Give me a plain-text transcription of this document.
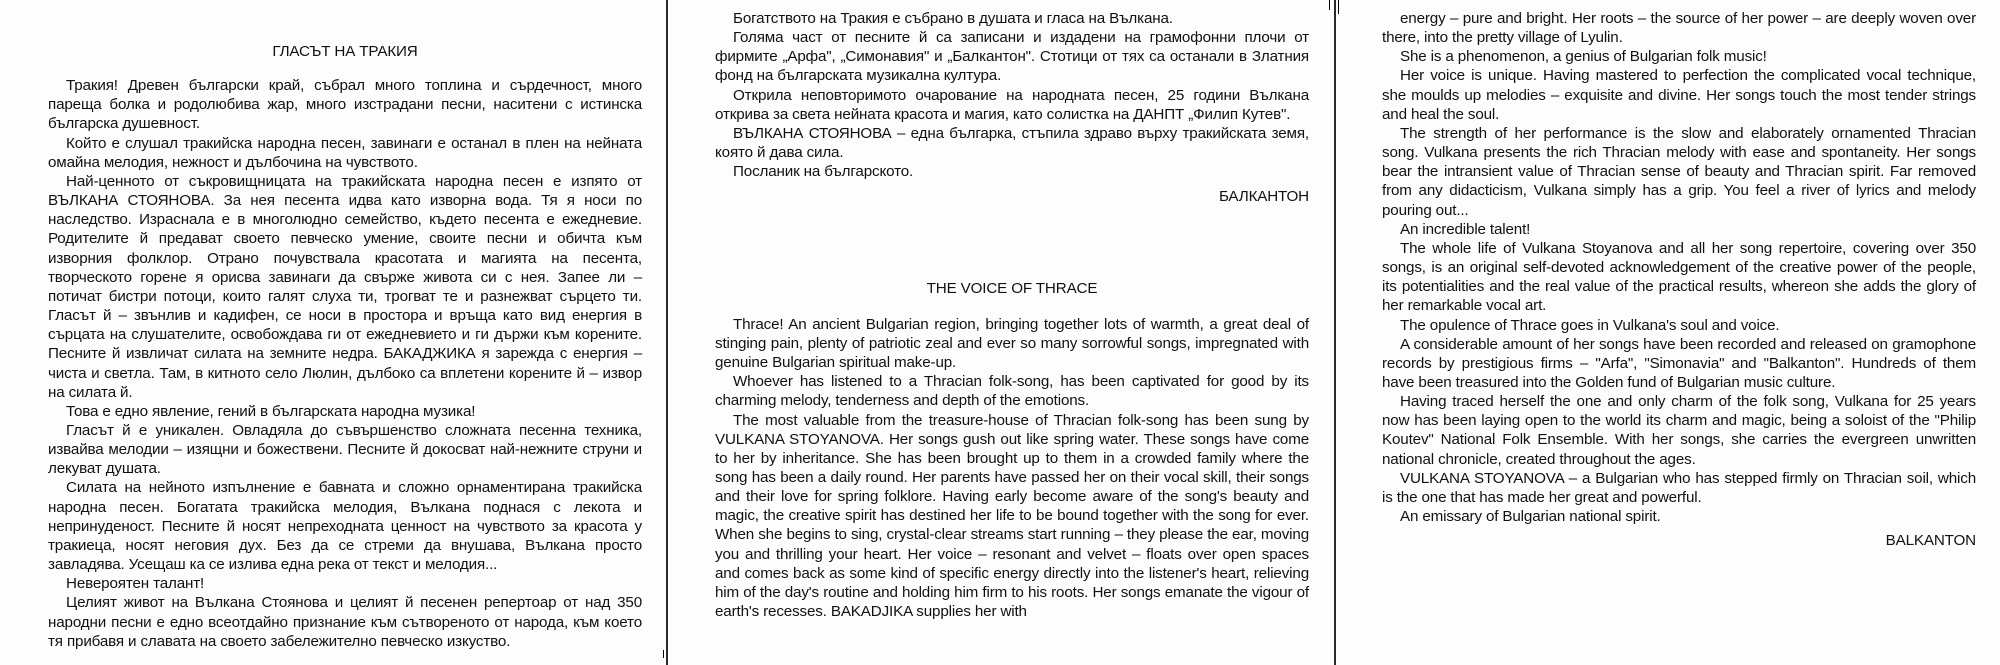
ГЛАСЪТ НА ТРАКИЯ

Тракия! Древен български край, събрал много топлина и сърдечност, много парeща болка и родолюбива жар, много изстрадани песни, наситени с истинска българска душевност.

Който е слушал тракийска народна песен, завинаги е останал в плен на нейната омайна мелодия, нежност и дълбочина на чувството.

Най-ценното от съкровищницата на тракийската народна песен е изпято от ВЪЛКАНА СТОЯНОВА. За нея песента идва като изворна вода. Тя я носи по наследство. Израснала е в многолюдно семейство, където песента е ежедневие. Родителите й предават своето певческо умение, своите песни и обичта към изворния фолклор. Отрано почувствала красотата и магията на песента, творческото горене я орисва завинаги да свърже живота си с нея. Запее ли – потичат бистри потоци, които галят слуха ти, трогват те и разнежват сърцето ти. Гласът й – звънлив и кадифен, се носи в простора и връща като вид енергия в сърцата на слушателите, освобождава ги от ежедневието и ги държи към корените. Песните й извличат силата на земните недра. БАКАДЖИКА я зарежда с енергия – чиста и светла. Там, в китното село Люлин, дълбоко са вплетени корените й – извор на силата й.

Това е едно явление, гений в българската народна музика!

Гласът й е уникален. Овладяла до съвършенство сложната песенна техника, извайва мелодии – изящни и божествени. Песните й докосват най-нежните струни и лекуват душата.

Силата на нейното изпълнение е бавната и сложно орнаментирана тракийска народна песен. Богатата тракийска мелодия, Вълкана поднася с лекота и непринуденост. Песните й носят непреходната ценност на чувството за красота у тракиеца, носят неговия дух. Без да се стреми да внушава, Вълкана просто завладява. Усещаш ка се излива една река от текст и мелодия...

Невероятен талант!

Целият живот на Вълкана Стоянова и целият й песенен репертоар от над 350 народни песни е едно всеотдайно признание към сътвореното от народа, към което тя прибавя и славата на своето забележително певческо изкуство.

Богатството на Тракия е събрано в душата и гласа на Вълкана.

Голяма част от песните й са записани и издадени на грамофонни плочи от фирмите „Арфа", „Симонавия" и „Балкантон". Стотици от тях са останали в Златния фонд на българската музикална култура.

Открила неповторимото очарование на народната песен, 25 години Вълкана открива за света нейната красота и магия, като солистка на ДАНПТ „Филип Кутев".

ВЪЛКАНА СТОЯНОВА – една българка, стъпила здраво върху тракийската земя, която й дава сила.

Посланик на българското.

БАЛКАНТОН

THE VOICE OF THRACE

Thrace! An ancient Bulgarian region, bringing together lots of warmth, a great deal of stinging pain, plenty of patriotic zeal and ever so many sorrowful songs, impregnated with genuine Bulgarian spiritual make-up.

Whoever has listened to a Thracian folk-song, has been captivated for good by its charming melody, tenderness and depth of the emotions.

The most valuable from the treasure-house of Thracian folk-song has been sung by VULKANA STOYANOVA. Her songs gush out like spring water. These songs have come to her by inheritance. She has been brought up to them in a crowded family where the song has been a daily round. Her parents have passed her on their vocal skill, their songs and their love for spring folklore. Having early become aware of the song's beauty and magic, the creative spirit has destined her life to be bound together with the song for ever. When she begins to sing, crystal-clear streams start running – they please the ear, moving you and thrilling your heart. Her voice – resonant and velvet – floats over open spaces and comes back as some kind of specific energy directly into the listener's heart, relieving him of the day's routine and holding him firm to his roots. Her songs emanate the vigour of earth's recesses. BAKADJIKA supplies her with

energy – pure and bright. Her roots – the source of her power – are deeply woven over there, into the pretty village of Lyulin.

She is a phenomenon, a genius of Bulgarian folk music!

Her voice is unique. Having mastered to perfection the complicated vocal technique, she moulds up melodies – exquisite and divine. Her songs touch the most tender strings and heal the soul.

The strength of her performance is the slow and elaborately ornamented Thracian song. Vulkana presents the rich Thracian melody with ease and spontaneity. Her songs bear the intransient value of Thracian sense of beauty and Thracian spirit. Far removed from any didacticism, Vulkana simply has a grip. You feel a river of lyrics and melody pouring out...

An incredible talent!

The whole life of Vulkana Stoyanova and all her song repertoire, covering over 350 songs, is an original self-devoted acknowledgement of the creative power of the people, its potentialities and the real value of the practical results, whereon she adds the glory of her remarkable vocal art.

The opulence of Thrace goes in Vulkana's soul and voice.

A considerable amount of her songs have been recorded and released on gramophone records by prestigious firms – "Arfa", "Simonavia" and "Balkanton". Hundreds of them have been treasured into the Golden fund of Bulgarian music culture.

Having traced herself the one and only charm of the folk song, Vulkana for 25 years now has been laying open to the world its charm and magic, being a soloist of the "Philip Koutev" National Folk Ensemble. With her songs, she carries the evergreen unwritten national chronicle, created throughout the ages.

VULKANA STOYANOVA – a Bulgarian who has stepped firmly on Thracian soil, which is the one that has made her great and powerful.

An emissary of Bulgarian national spirit.

BALKANTON
